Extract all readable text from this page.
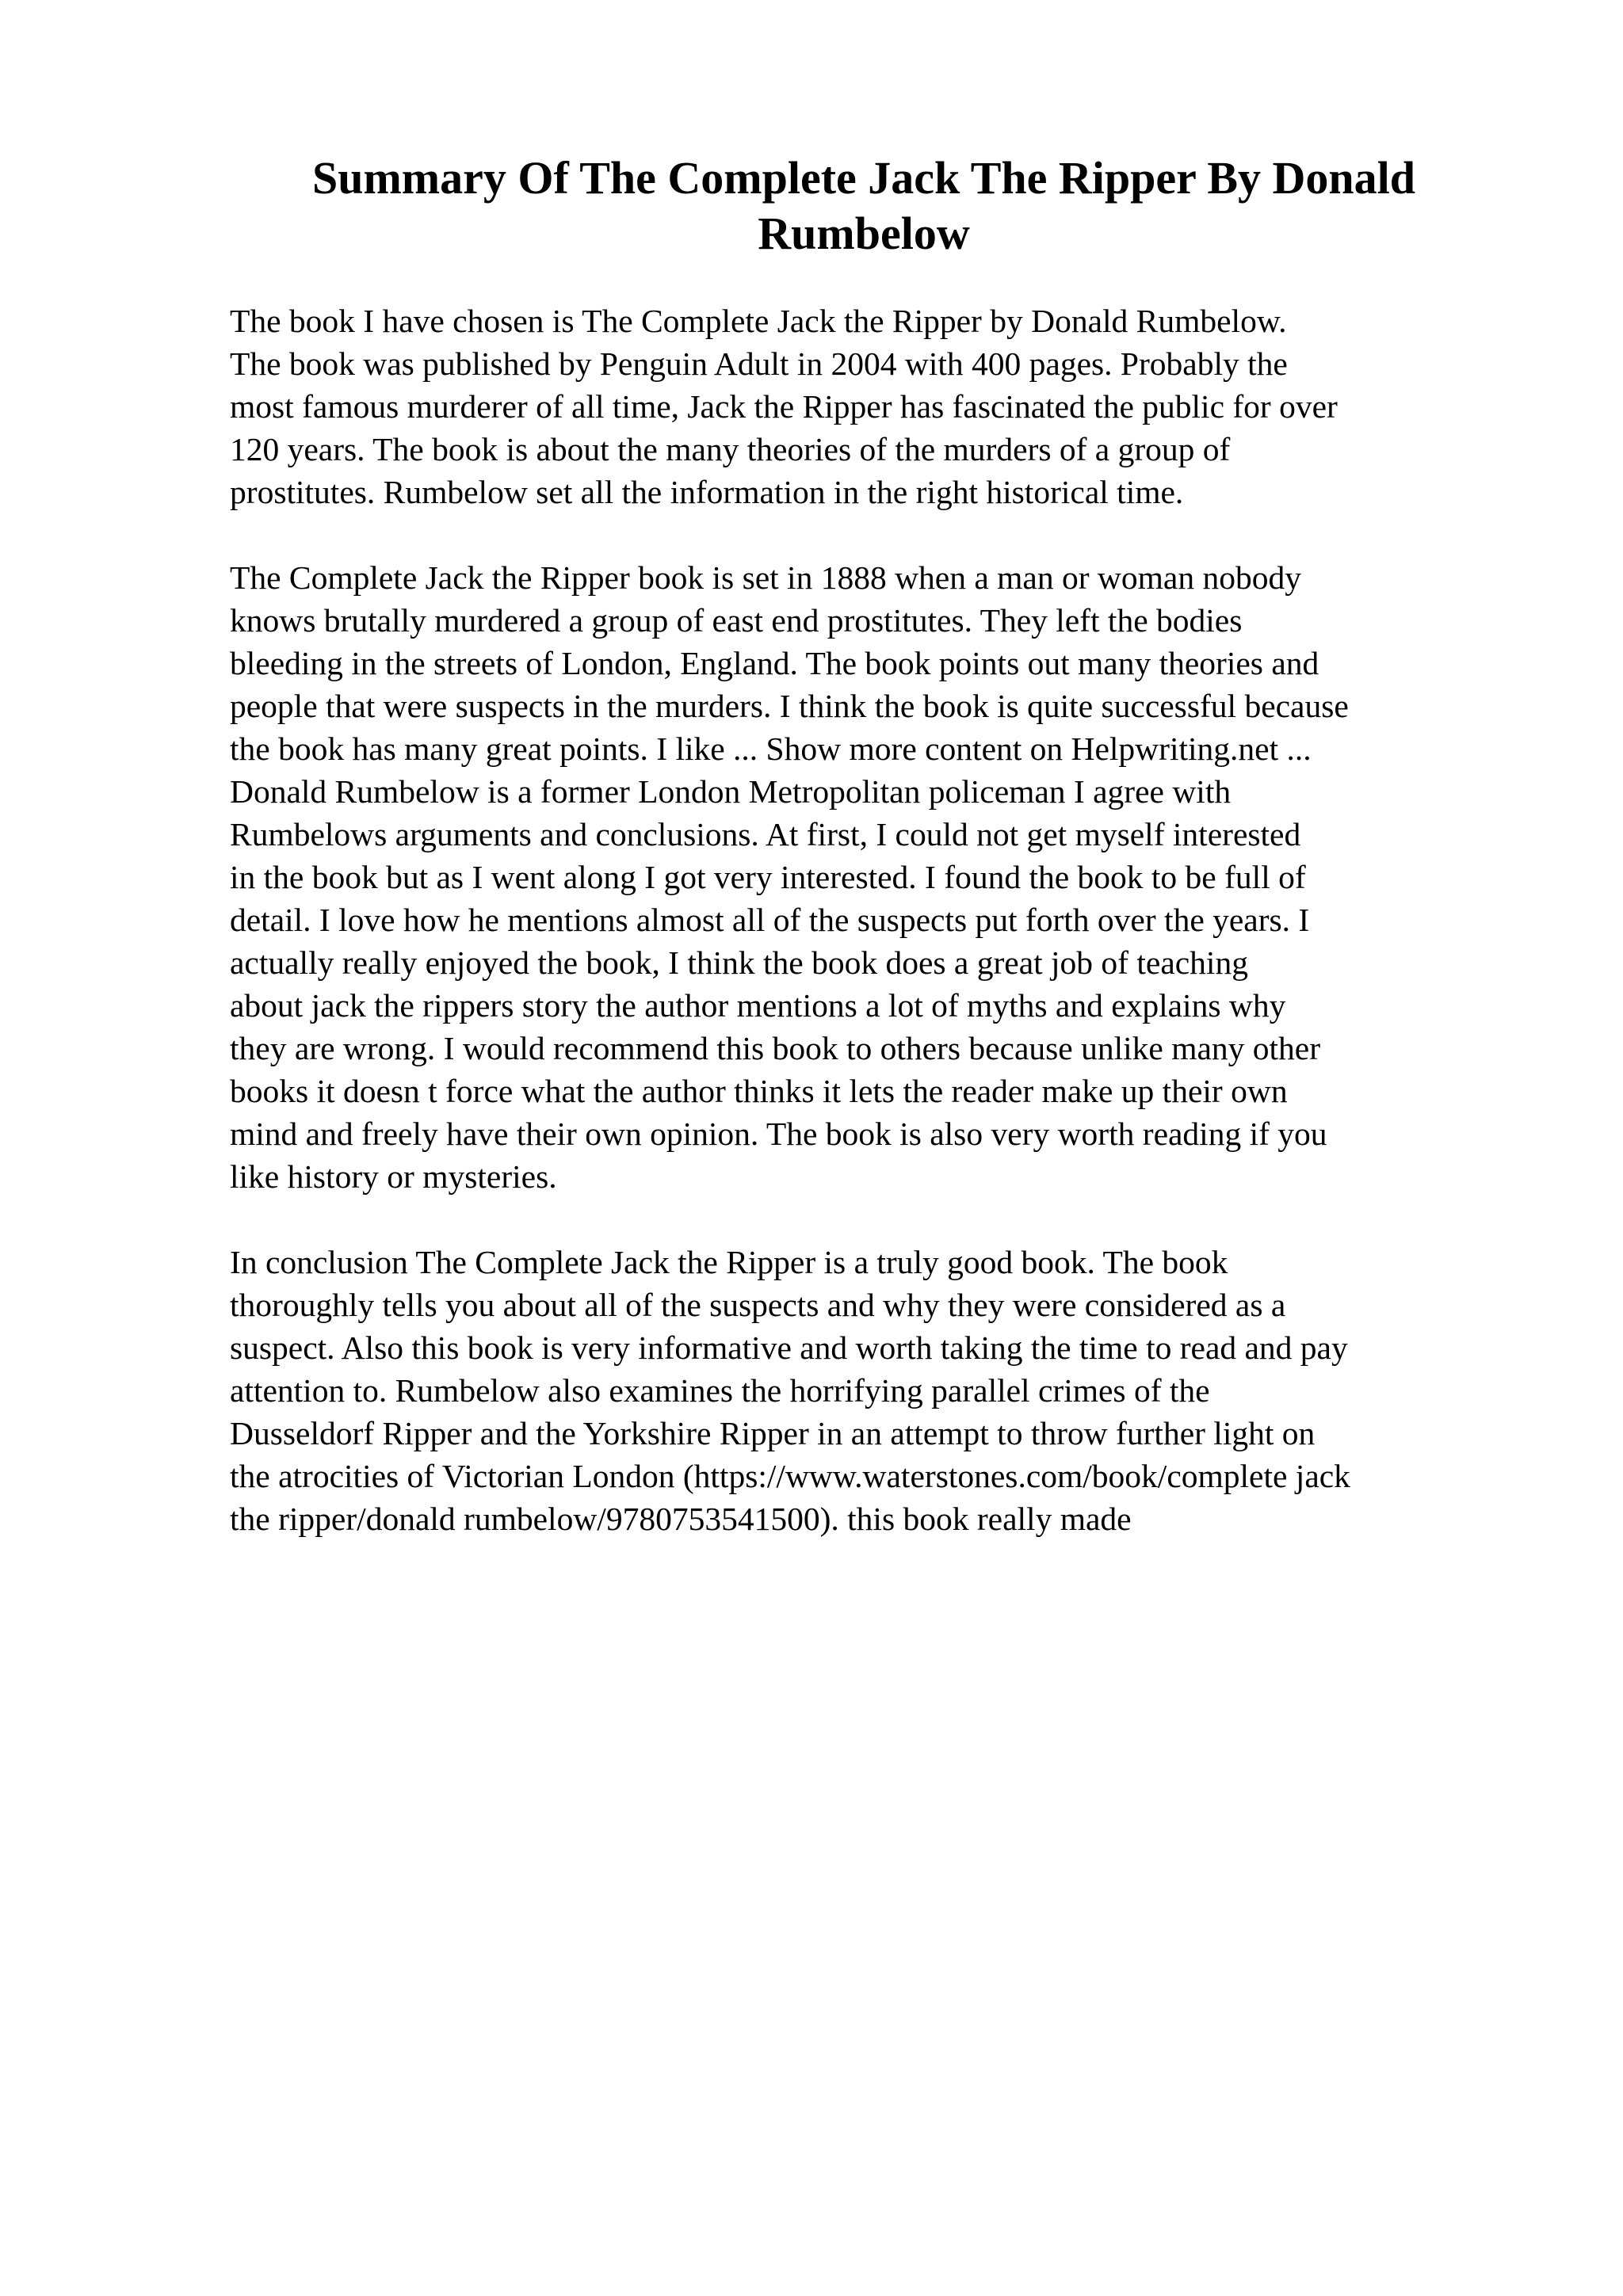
Summary Of The Complete Jack The Ripper By Donald Rumbelow

The book I have chosen is The Complete Jack the Ripper by Donald Rumbelow.
The book was published by Penguin Adult in 2004 with 400 pages. Probably the
most famous murderer of all time, Jack the Ripper has fascinated the public for over
120 years. The book is about the many theories of the murders of a group of
prostitutes. Rumbelow set all the information in the right historical time.

The Complete Jack the Ripper book is set in 1888 when a man or woman nobody
knows brutally murdered a group of east end prostitutes. They left the bodies
bleeding in the streets of London, England. The book points out many theories and
people that were suspects in the murders. I think the book is quite successful because
the book has many great points. I like ... Show more content on Helpwriting.net ...
Donald Rumbelow is a former London Metropolitan policeman I agree with
Rumbelows arguments and conclusions. At first, I could not get myself interested
in the book but as I went along I got very interested. I found the book to be full of
detail. I love how he mentions almost all of the suspects put forth over the years. I
actually really enjoyed the book, I think the book does a great job of teaching
about jack the rippers story the author mentions a lot of myths and explains why
they are wrong. I would recommend this book to others because unlike many other
books it doesn t force what the author thinks it lets the reader make up their own
mind and freely have their own opinion. The book is also very worth reading if you
like history or mysteries.

In conclusion The Complete Jack the Ripper is a truly good book. The book
thoroughly tells you about all of the suspects and why they were considered as a
suspect. Also this book is very informative and worth taking the time to read and pay
attention to. Rumbelow also examines the horrifying parallel crimes of the
Dusseldorf Ripper and the Yorkshire Ripper in an attempt to throw further light on
the atrocities of Victorian London (https://www.waterstones.com/book/complete jack
the ripper/donald rumbelow/9780753541500). this book really made
